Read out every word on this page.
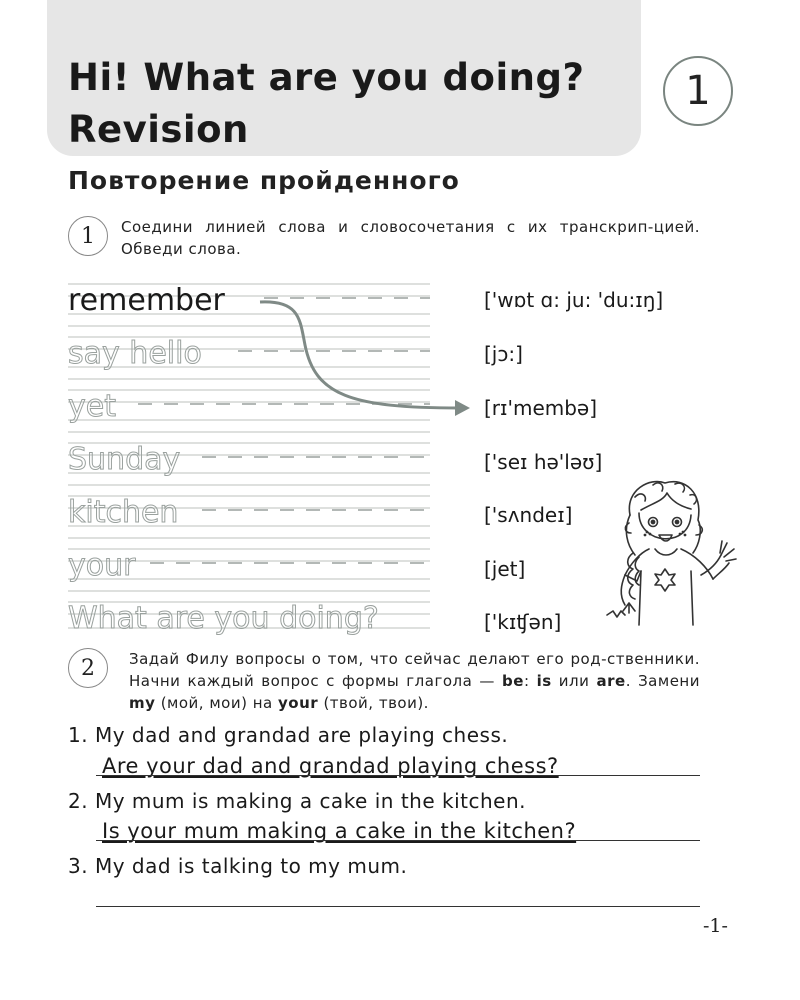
Hi! What are you doing?
Revision
1
Повторение пройденного
1	Соедини линией слова и словосочетания с их транскрип-цией. Обведи слова.

remember
say hello
yet
Sunday
kitchen
your
What are you doing?
['wɒt ɑ: ju: 'du:ɪŋ]
[jɔ:]
[rɪ'membə]
['seɪ hə'ləʊ]
['sʌndeɪ]
[jet]
['kɪʧən]
2	Задай Филу вопросы о том, что сейчас делают его род-ственники. Начни каждый вопрос с формы глагола — be: is или are. Замени my (мой, мои) на your (твой, твои).

1. My dad and grandad are playing chess.

Are your dad and grandad playing chess?

2. My mum is making a cake in the kitchen.

Is your mum making a cake in the kitchen?

3. My dad is talking to my mum.

-1-
